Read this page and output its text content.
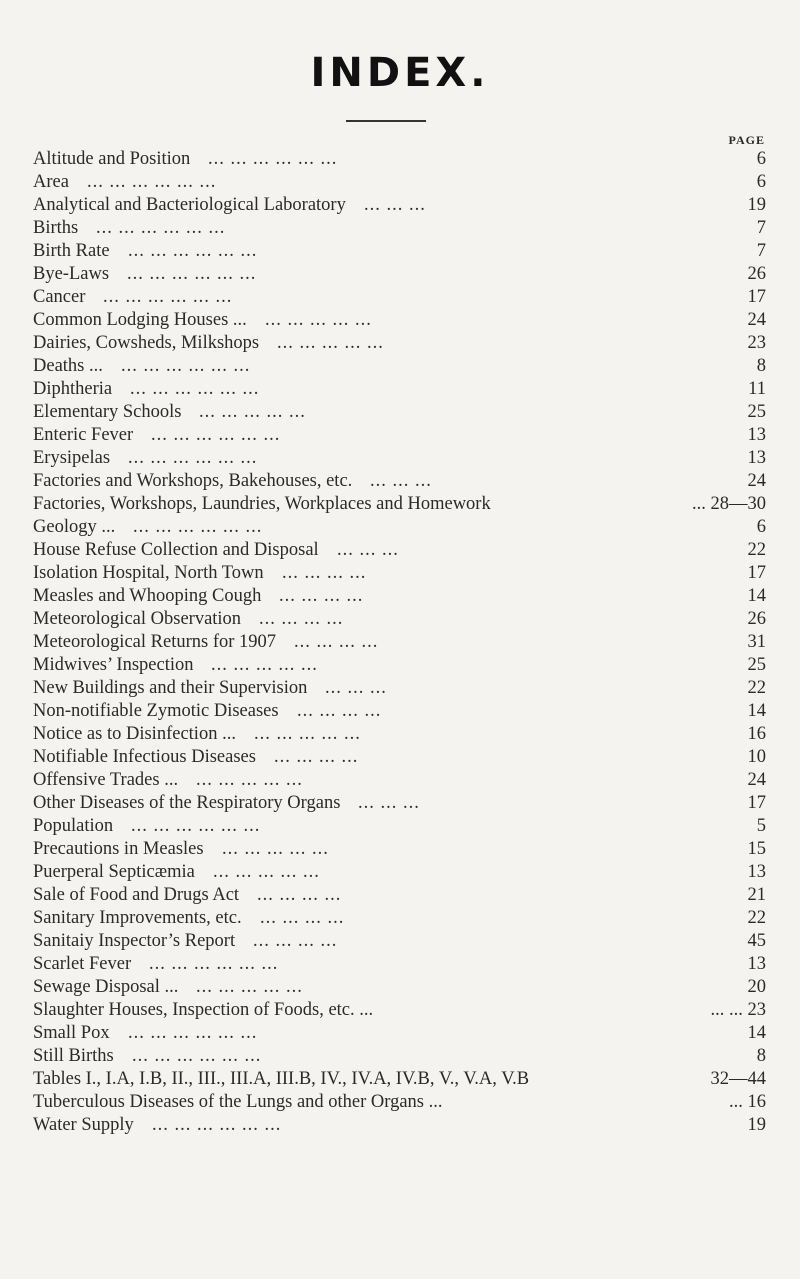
INDEX.
PAGE
Altitude and Position ... ... ... ... ... ...	6
Area ... ... ... ... ... ...	6
Analytical and Bacteriological Laboratory ... ... ...	19
Births ... ... ... ... ... ...	7
Birth Rate ... ... ... ... ... ...	7
Bye-Laws ... ... ... ... ... ...	26
Cancer ... ... ... ... ... ...	17
Common Lodging Houses ... ... ... ... ... ...	24
Dairies, Cowsheds, Milkshops ... ... ... ... ...	23
Deaths ... ... ... ... ... ... ...	8
Diphtheria ... ... ... ... ... ...	11
Elementary Schools ... ... ... ... ...	25
Enteric Fever ... ... ... ... ... ...	13
Erysipelas ... ... ... ... ... ...	13
Factories and Workshops, Bakehouses, etc. ... ... ...	24
Factories, Workshops, Laundries, Workplaces and Homework	... 28—30
Geology ... ... ... ... ... ... ...	6
House Refuse Collection and Disposal ... ... ...	22
Isolation Hospital, North Town ... ... ... ...	17
Measles and Whooping Cough ... ... ... ...	14
Meteorological Observation ... ... ... ...	26
Meteorological Returns for 1907 ... ... ... ...	31
Midwives’ Inspection ... ... ... ... ...	25
New Buildings and their Supervision ... ... ...	22
Non-notifiable Zymotic Diseases ... ... ... ...	14
Notice as to Disinfection ... ... ... ... ... ...	16
Notifiable Infectious Diseases ... ... ... ...	10
Offensive Trades ... ... ... ... ... ...	24
Other Diseases of the Respiratory Organs ... ... ...	17
Population ... ... ... ... ... ...	5
Precautions in Measles ... ... ... ... ...	15
Puerperal Septicæmia ... ... ... ... ...	13
Sale of Food and Drugs Act ... ... ... ...	21
Sanitary Improvements, etc. ... ... ... ...	22
Sanitaiy Inspector’s Report ... ... ... ...	45
Scarlet Fever ... ... ... ... ... ...	13
Sewage Disposal ... ... ... ... ... ...	20
Slaughter Houses, Inspection of Foods, etc. ...	... ... 23
Small Pox ... ... ... ... ... ...	14
Still Births ... ... ... ... ... ...	8
Tables I., I.A, I.B, II., III., III.A, III.B, IV., IV.A, IV.B, V., V.A, V.B	32—44
Tuberculous Diseases of the Lungs and other Organs ...	... 16
Water Supply ... ... ... ... ... ...	19
